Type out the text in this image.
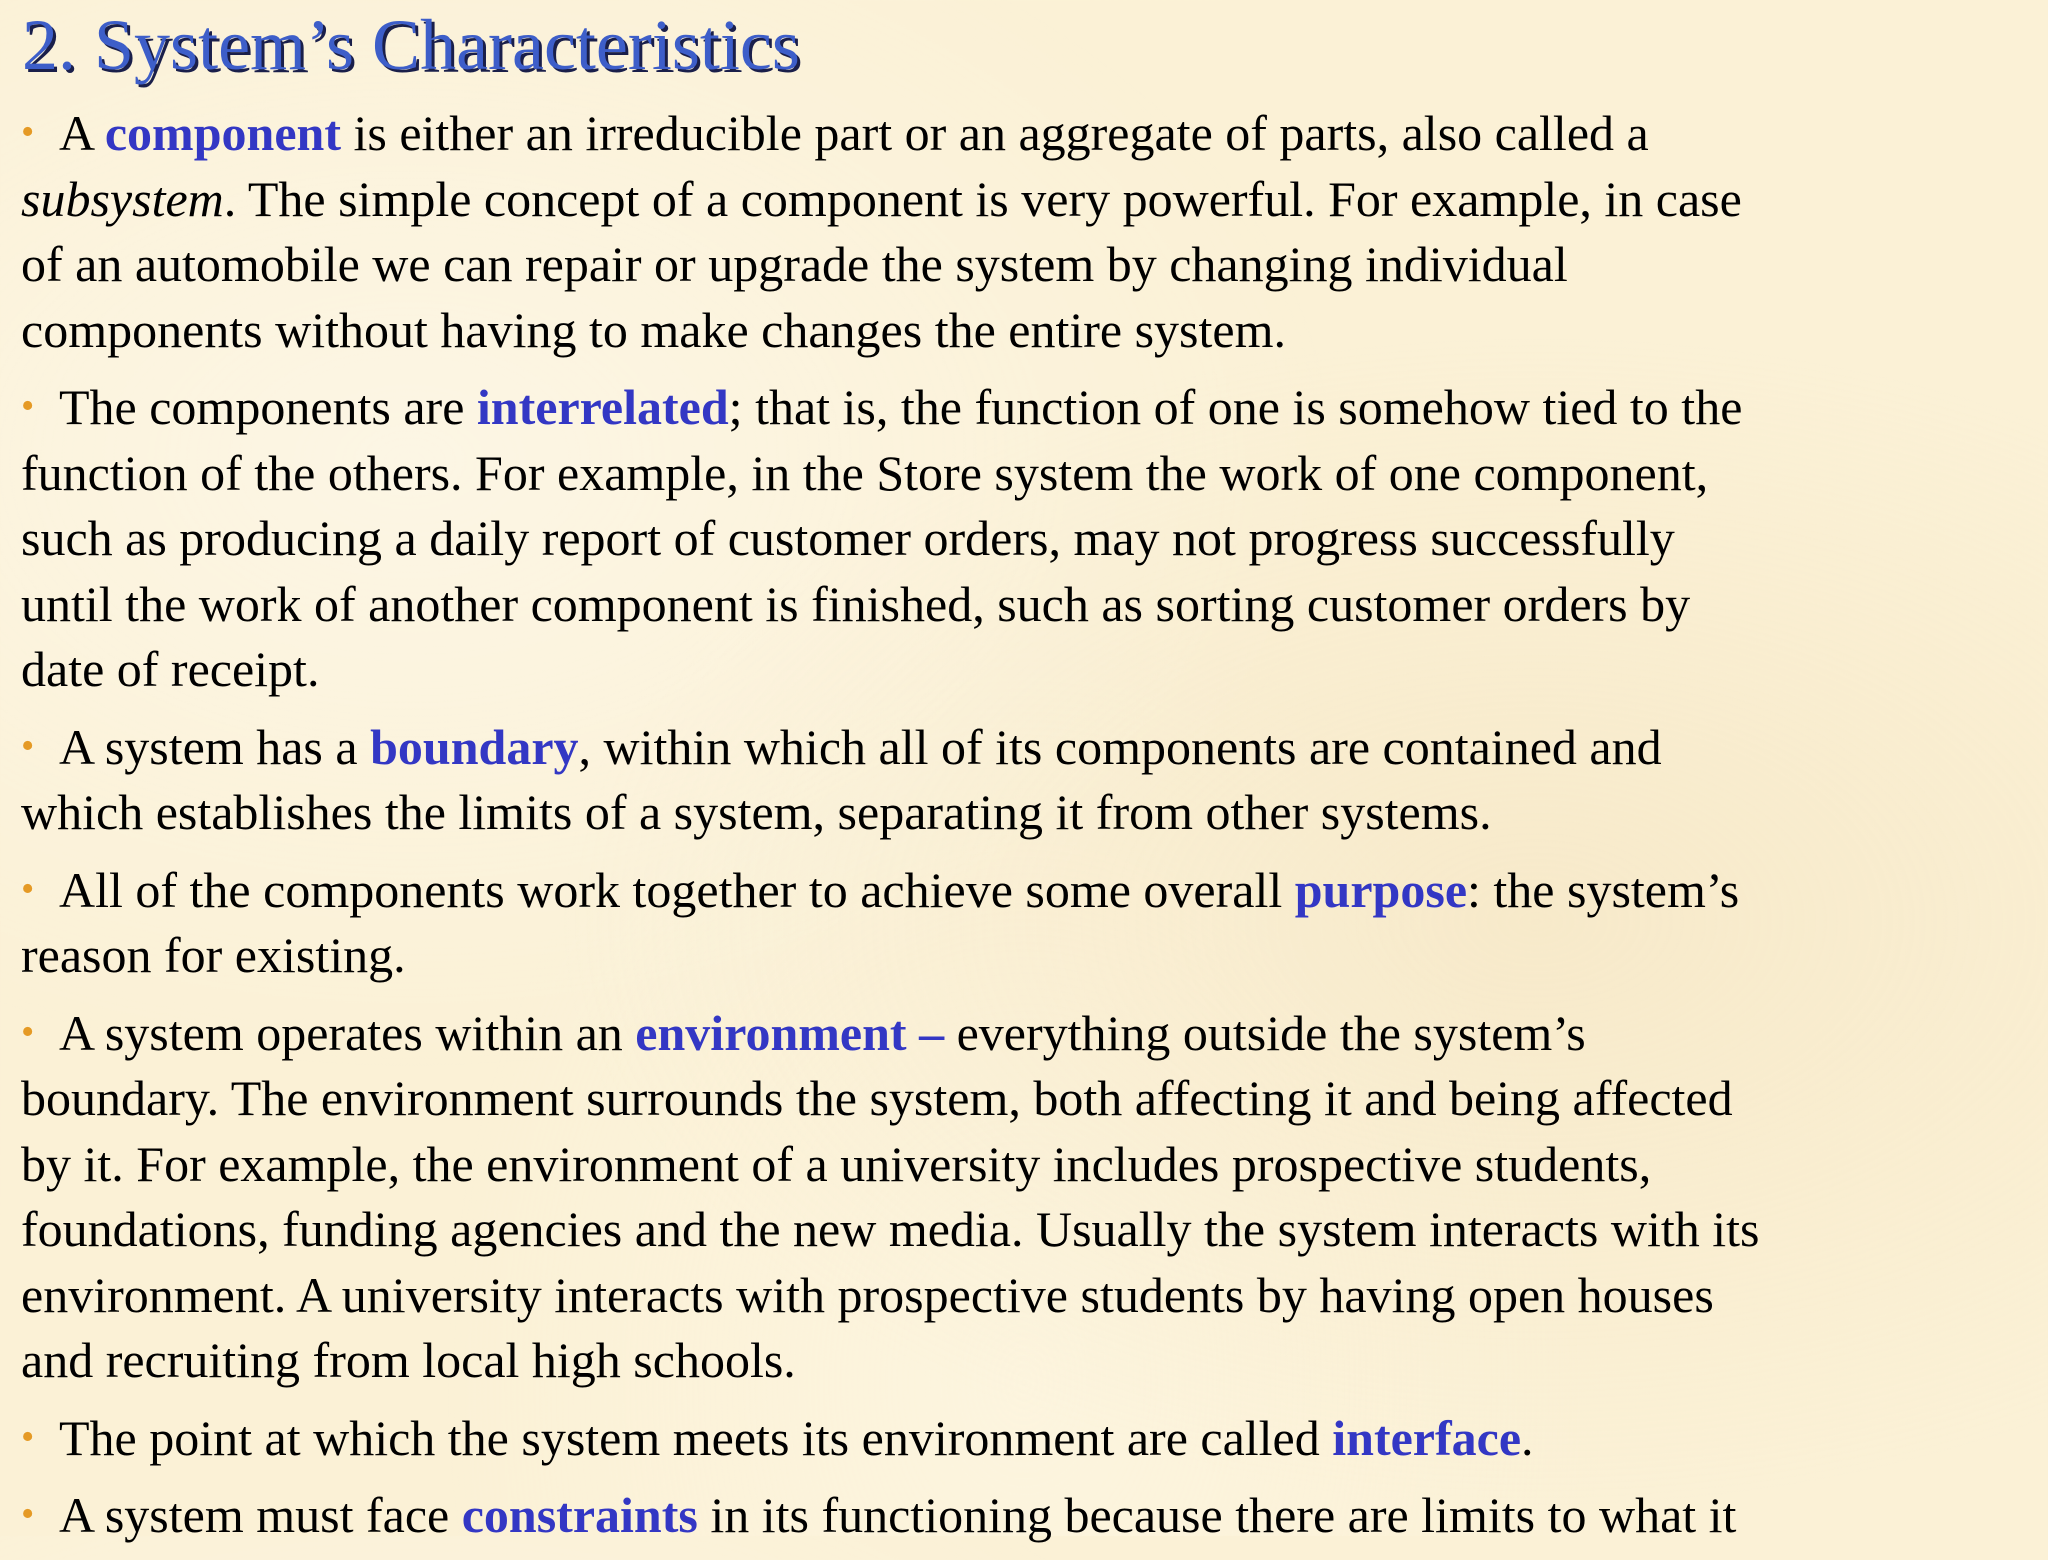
2. System’s Characteristics

• A component is either an irreducible part or an aggregate of parts, also called a
subsystem. The simple concept of a component is very powerful. For example, in case
of an automobile we can repair or upgrade the system by changing individual
components without having to make changes the entire system.

• The components are interrelated; that is, the function of one is somehow tied to the
function of the others. For example, in the Store system the work of one component,
such as producing a daily report of customer orders, may not progress successfully
until the work of another component is finished, such as sorting customer orders by
date of receipt.

• A system has a boundary, within which all of its components are contained and
which establishes the limits of a system, separating it from other systems.

• All of the components work together to achieve some overall purpose: the system’s
reason for existing.

• A system operates within an environment – everything outside the system’s
boundary. The environment surrounds the system, both affecting it and being affected
by it. For example, the environment of a university includes prospective students,
foundations, funding agencies and the new media. Usually the system interacts with its
environment. A university interacts with prospective students by having open houses
and recruiting from local high schools.

• The point at which the system meets its environment are called interface.

• A system must face constraints in its functioning because there are limits to what it
